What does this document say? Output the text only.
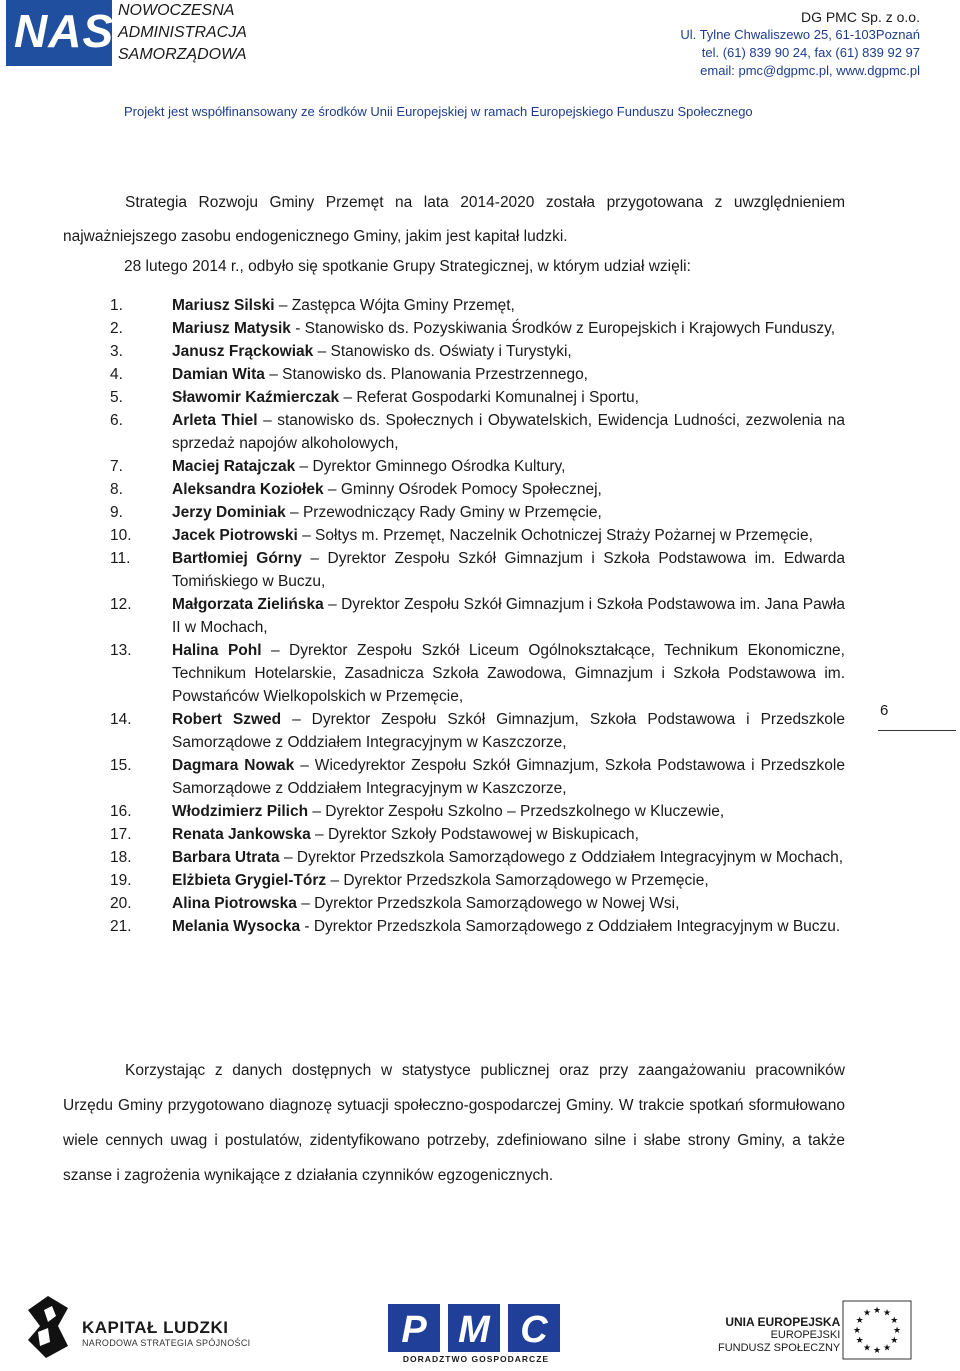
NAS NOWOCZESNA
ADMINISTRACJA
SAMORZĄDOWA
DG PMC Sp. z o.o.
Ul. Tylne Chwaliszewo 25, 61-103Poznań
tel. (61) 839 90 24, fax (61) 839 92 97
email: pmc@dgpmc.pl, www.dgpmc.pl
Projekt jest współfinansowany ze środków Unii Europejskiej w ramach Europejskiego Funduszu Społecznego
Strategia Rozwoju Gminy Przemęt na lata 2014-2020 została przygotowana z uwzględnieniem najważniejszego zasobu endogenicznego Gminy, jakim jest kapitał ludzki.
28 lutego 2014 r., odbyło się spotkanie Grupy Strategicznej, w którym udział wzięli:
1.	Mariusz Silski – Zastępca Wójta Gminy Przemęt,
2.	Mariusz Matysik - Stanowisko ds. Pozyskiwania Środków z Europejskich i Krajowych Funduszy,
3.	Janusz Frąckowiak – Stanowisko ds. Oświaty i Turystyki,
4.	Damian Wita – Stanowisko ds. Planowania Przestrzennego,
5.	Sławomir Kaźmierczak – Referat Gospodarki Komunalnej i Sportu,
6.	Arleta Thiel – stanowisko ds. Społecznych i Obywatelskich, Ewidencja Ludności, zezwolenia na sprzedaż napojów alkoholowych,
7.	Maciej Ratajczak – Dyrektor Gminnego Ośrodka Kultury,
8.	Aleksandra Koziołek – Gminny Ośrodek Pomocy Społecznej,
9.	Jerzy Dominiak – Przewodniczący Rady Gminy w Przemęcie,
10.	Jacek Piotrowski – Sołtys m. Przemęt, Naczelnik Ochotniczej Straży Pożarnej w Przemęcie,
11.	Bartłomiej Górny – Dyrektor Zespołu Szkół Gimnazjum i Szkoła Podstawowa im. Edwarda Tomińskiego w Buczu,
12.	Małgorzata Zielińska – Dyrektor Zespołu Szkół Gimnazjum i Szkoła Podstawowa im. Jana Pawła II w Mochach,
13.	Halina Pohl – Dyrektor Zespołu Szkół Liceum Ogólnokształcące, Technikum Ekonomiczne, Technikum Hotelarskie, Zasadnicza Szkoła Zawodowa, Gimnazjum i Szkoła Podstawowa im. Powstańców Wielkopolskich w Przemęcie,
14.	Robert Szwed – Dyrektor Zespołu Szkół Gimnazjum, Szkoła Podstawowa i Przedszkole Samorządowe z Oddziałem Integracyjnym w Kaszczorze,
15.	Dagmara Nowak – Wicedyrektor Zespołu Szkół Gimnazjum, Szkoła Podstawowa i Przedszkole Samorządowe z Oddziałem Integracyjnym w Kaszczorze,
16.	Włodzimierz Pilich – Dyrektor Zespołu Szkolno – Przedszkolnego w Kluczewie,
17.	Renata Jankowska – Dyrektor Szkoły Podstawowej w Biskupicach,
18.	Barbara Utrata – Dyrektor Przedszkola Samorządowego z Oddziałem Integracyjnym w Mochach,
19.	Elżbieta Grygiel-Tórz – Dyrektor Przedszkola Samorządowego w Przemęcie,
20.	Alina Piotrowska – Dyrektor Przedszkola Samorządowego w Nowej Wsi,
21.	Melania Wysocka - Dyrektor Przedszkola Samorządowego z Oddziałem Integracyjnym w Buczu.
Korzystając z danych dostępnych w statystyce publicznej oraz przy zaangażowaniu pracowników Urzędu Gminy przygotowano diagnozę sytuacji społeczno-gospodarczej Gminy. W trakcie spotkań sformułowano wiele cennych uwag i postulatów, zidentyfikowano potrzeby, zdefiniowano silne i słabe strony Gminy, a także szanse i zagrożenia wynikające z działania czynników egzogenicznych.
6
KAPITAŁ LUDZKI
NARODOWA STRATEGIA SPÓJNOŚCI	P M C
DORADZTWO GOSPODARCZE
UNIA EUROPEJSKA
EUROPEJSKI
FUNDUSZ SPOŁECZNY
★
★
★
★
★
★
★
★
★ ★ ★
★
